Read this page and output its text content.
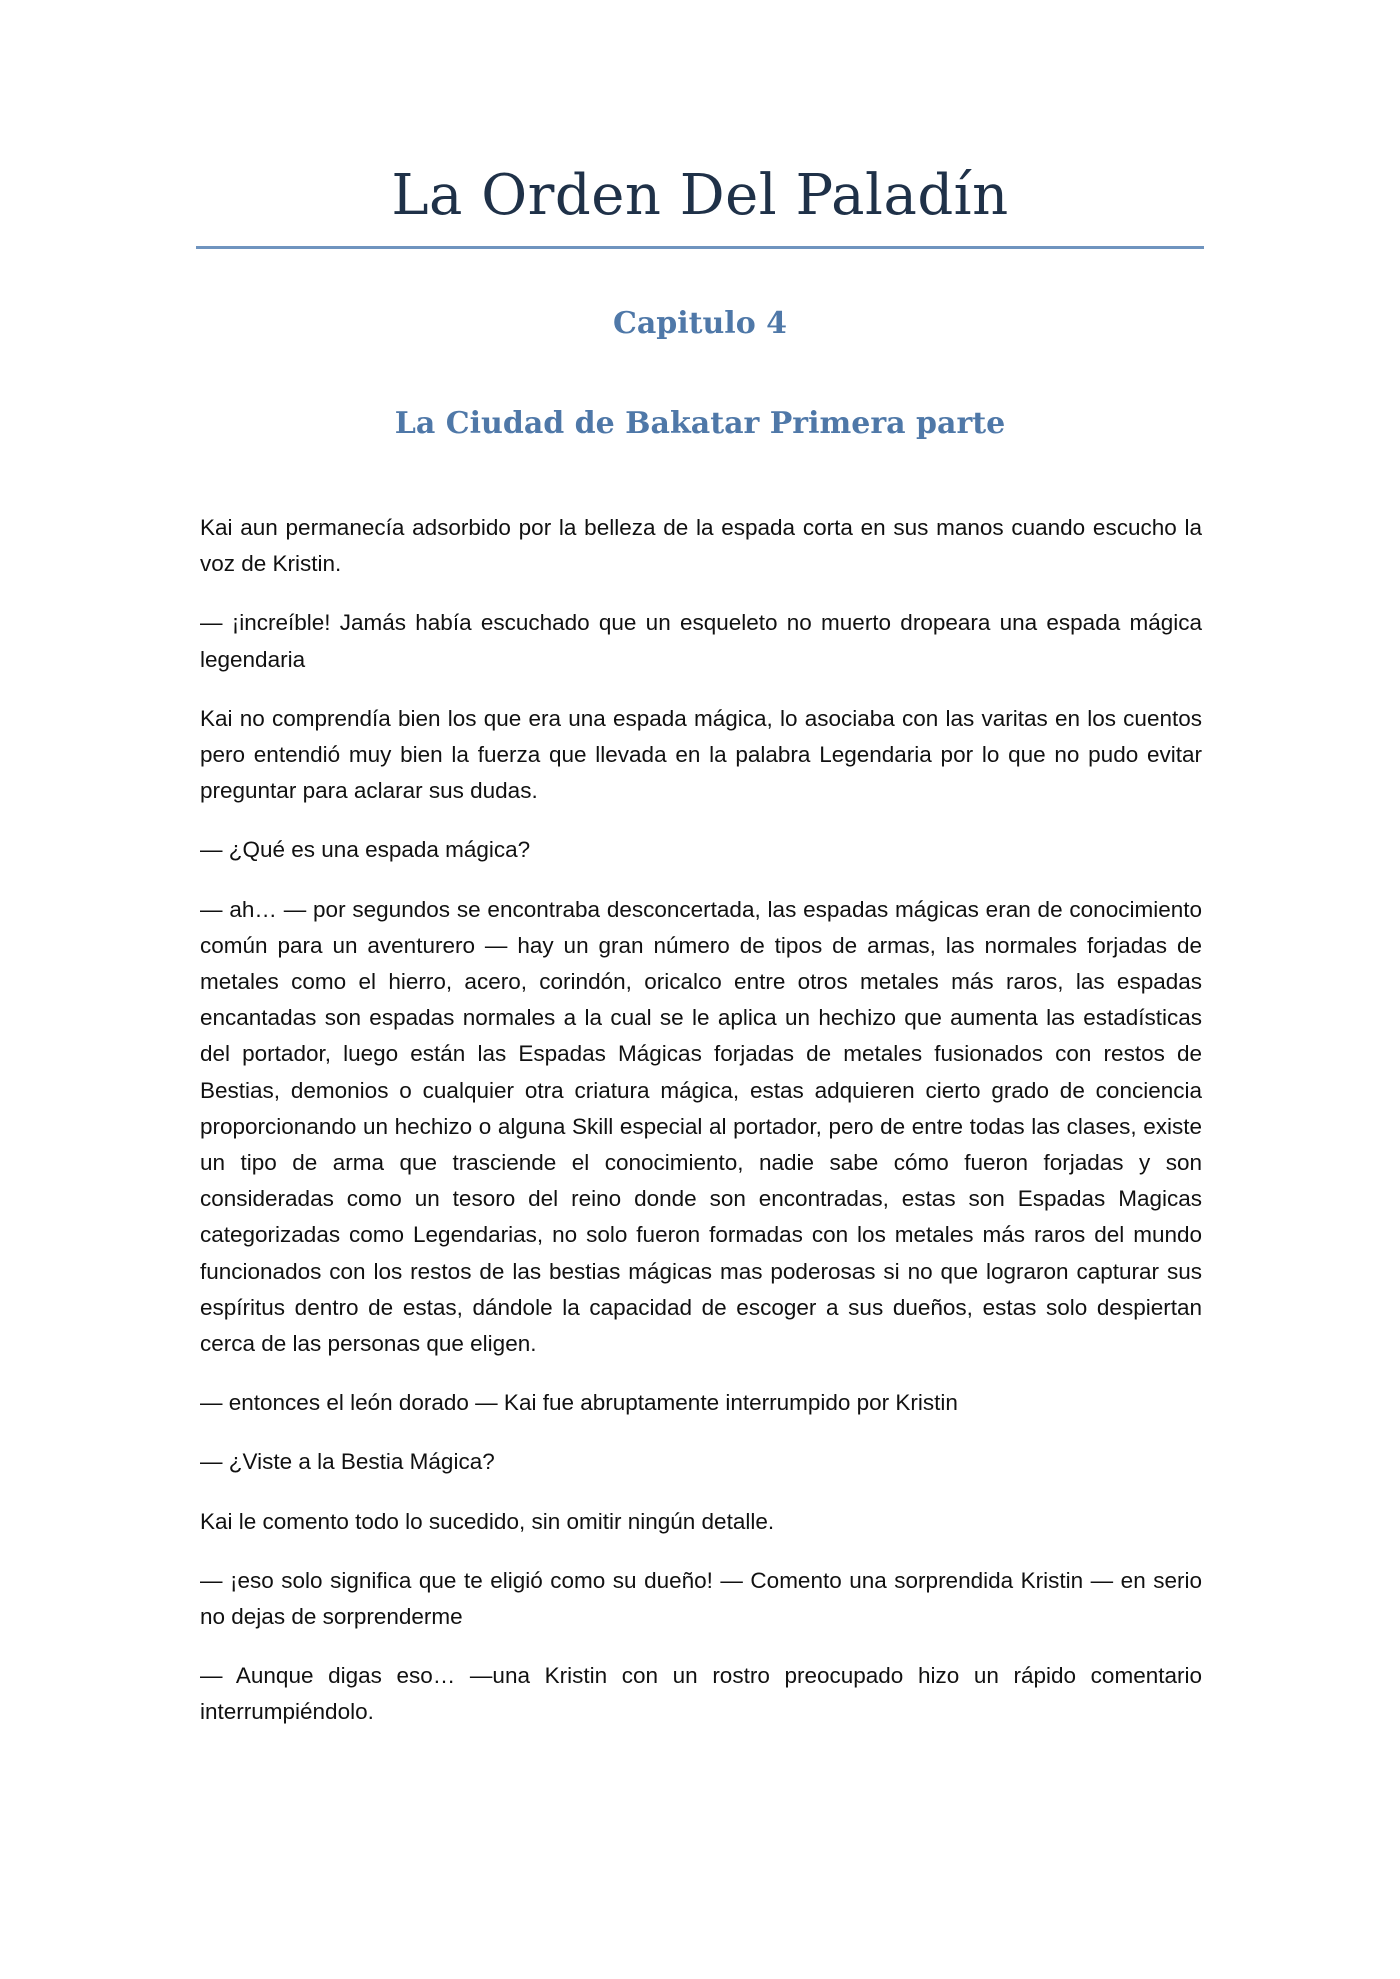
La Orden Del Paladín
Capitulo 4
La Ciudad de Bakatar Primera parte

Kai aun permanecía adsorbido por la belleza de la espada corta en sus manos cuando escucho la voz de Kristin.

— ¡increíble! Jamás había escuchado que un esqueleto no muerto dropeara una espada mágica legendaria

Kai no comprendía bien los que era una espada mágica, lo asociaba con las varitas en los cuentos pero entendió muy bien la fuerza que llevada en la palabra Legendaria por lo que no pudo evitar preguntar para aclarar sus dudas.

— ¿Qué es una espada mágica?

— ah… — por segundos se encontraba desconcertada, las espadas mágicas eran de conocimiento común para un aventurero — hay un gran número de tipos de armas, las normales forjadas de metales como el hierro, acero, corindón, oricalco entre otros metales más raros, las espadas encantadas son espadas normales a la cual se le aplica un hechizo que aumenta las estadísticas del portador, luego están las Espadas Mágicas forjadas de metales fusionados con restos de Bestias, demonios o cualquier otra criatura mágica, estas adquieren cierto grado de conciencia proporcionando un hechizo o alguna Skill especial al portador, pero de entre todas las clases, existe un tipo de arma que trasciende el conocimiento, nadie sabe cómo fueron forjadas y son consideradas como un tesoro del reino donde son encontradas, estas son Espadas Magicas categorizadas como Legendarias, no solo fueron formadas con los metales más raros del mundo funcionados con los restos de las bestias mágicas mas poderosas si no que lograron capturar sus espíritus dentro de estas, dándole la capacidad de escoger a sus dueños, estas solo despiertan cerca de las personas que eligen.

— entonces el león dorado — Kai fue abruptamente interrumpido por Kristin

— ¿Viste a la Bestia Mágica?

Kai le comento todo lo sucedido, sin omitir ningún detalle.

— ¡eso solo significa que te eligió como su dueño! — Comento una sorprendida Kristin — en serio no dejas de sorprenderme

— Aunque digas eso… —una Kristin con un rostro preocupado hizo un rápido comentario interrumpiéndolo.
